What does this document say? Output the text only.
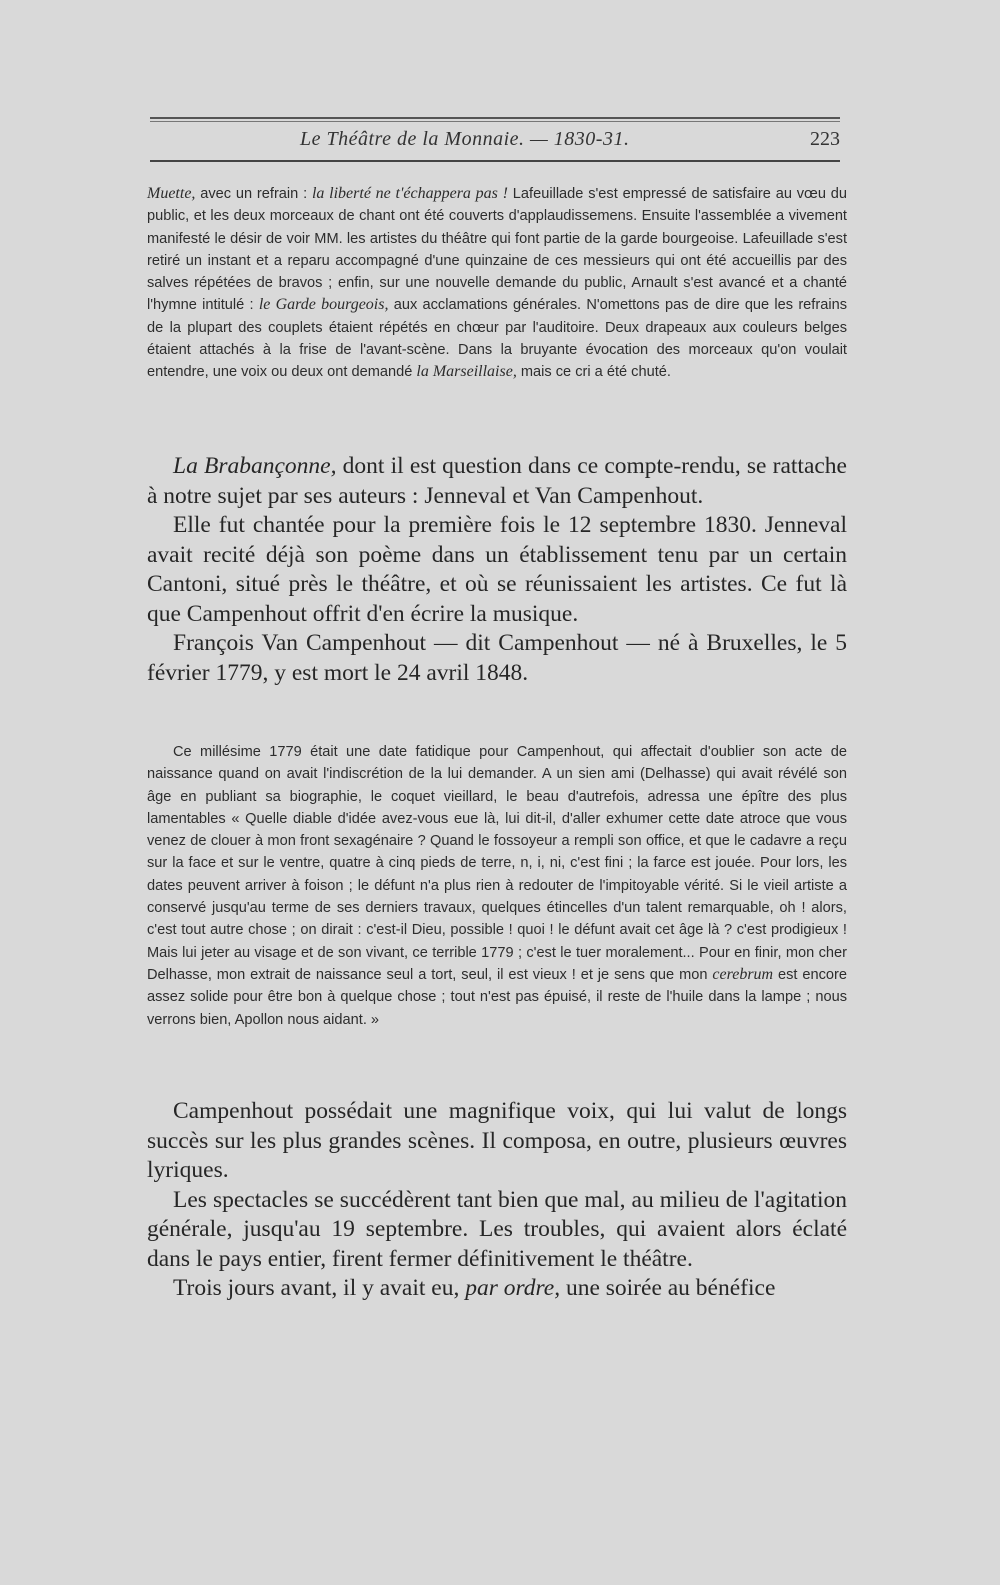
Le Théâtre de la Monnaie. — 1830-31.	223

Muette, avec un refrain : la liberté ne t'échappera pas ! Lafeuillade s'est empressé de satisfaire au vœu du public, et les deux morceaux de chant ont été couverts d'applaudissemens. Ensuite l'assemblée a vivement manifesté le désir de voir MM. les artistes du théâtre qui font partie de la garde bourgeoise. Lafeuillade s'est retiré un instant et a reparu accompagné d'une quinzaine de ces messieurs qui ont été accueillis par des salves répétées de bravos ; enfin, sur une nouvelle demande du public, Arnault s'est avancé et a chanté l'hymne intitulé : le Garde bourgeois, aux acclamations générales. N'omettons pas de dire que les refrains de la plupart des couplets étaient répétés en chœur par l'auditoire. Deux drapeaux aux couleurs belges étaient attachés à la frise de l'avant-scène. Dans la bruyante évocation des morceaux qu'on voulait entendre, une voix ou deux ont demandé la Marseillaise, mais ce cri a été chuté.

La Brabançonne, dont il est question dans ce compte-rendu, se rattache à notre sujet par ses auteurs : Jenneval et Van Campenhout.

Elle fut chantée pour la première fois le 12 septembre 1830. Jenneval avait recité déjà son poème dans un établissement tenu par un certain Cantoni, situé près le théâtre, et où se réunissaient les artistes. Ce fut là que Campenhout offrit d'en écrire la musique.

François Van Campenhout — dit Campenhout — né à Bruxelles, le 5 février 1779, y est mort le 24 avril 1848.

Ce millésime 1779 était une date fatidique pour Campenhout, qui affectait d'oublier son acte de naissance quand on avait l'indiscrétion de la lui demander. A un sien ami (Delhasse) qui avait révélé son âge en publiant sa biographie, le coquet vieillard, le beau d'autrefois, adressa une épître des plus lamentables « Quelle diable d'idée avez-vous eue là, lui dit-il, d'aller exhumer cette date atroce que vous venez de clouer à mon front sexagénaire ? Quand le fossoyeur a rempli son office, et que le cadavre a reçu sur la face et sur le ventre, quatre à cinq pieds de terre, n, i, ni, c'est fini ; la farce est jouée. Pour lors, les dates peuvent arriver à foison ; le défunt n'a plus rien à redouter de l'impitoyable vérité. Si le vieil artiste a conservé jusqu'au terme de ses derniers travaux, quelques étincelles d'un talent remarquable, oh ! alors, c'est tout autre chose ; on dirait : c'est-il Dieu, possible ! quoi ! le défunt avait cet âge là ? c'est prodigieux ! Mais lui jeter au visage et de son vivant, ce terrible 1779 ; c'est le tuer moralement... Pour en finir, mon cher Delhasse, mon extrait de naissance seul a tort, seul, il est vieux ! et je sens que mon cerebrum est encore assez solide pour être bon à quelque chose ; tout n'est pas épuisé, il reste de l'huile dans la lampe ; nous verrons bien, Apollon nous aidant. »

Campenhout possédait une magnifique voix, qui lui valut de longs succès sur les plus grandes scènes. Il composa, en outre, plusieurs œuvres lyriques.

Les spectacles se succédèrent tant bien que mal, au milieu de l'agitation générale, jusqu'au 19 septembre. Les troubles, qui avaient alors éclaté dans le pays entier, firent fermer définitivement le théâtre.

Trois jours avant, il y avait eu, par ordre, une soirée au bénéfice
